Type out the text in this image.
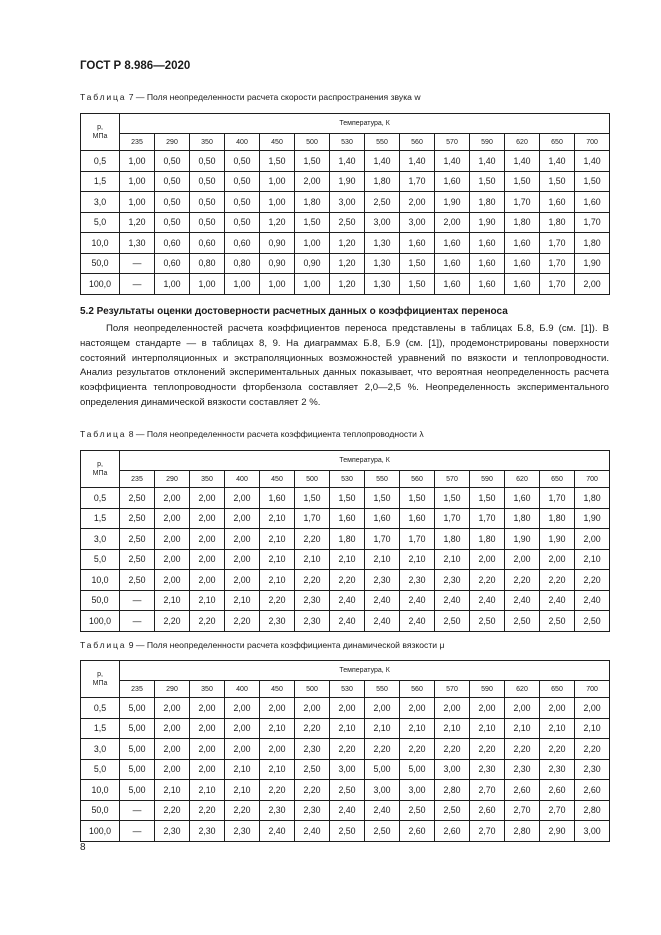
ГОСТ Р 8.986—2020
Таблица 7 — Поля неопределенности расчета скорости распространения звука w
р,
МПа	Температура, К													
	235	290	350	400	450	500	530	550	560	570	590	620	650	700
0,5	1,00	0,50	0,50	0,50	1,50	1,50	1,40	1,40	1,40	1,40	1,40	1,40	1,40	1,40
1,5	1,00	0,50	0,50	0,50	1,00	2,00	1,90	1,80	1,70	1,60	1,50	1,50	1,50	1,50
3,0	1,00	0,50	0,50	0,50	1,00	1,80	3,00	2,50	2,00	1,90	1,80	1,70	1,60	1,60
5,0	1,20	0,50	0,50	0,50	1,20	1,50	2,50	3,00	3,00	2,00	1,90	1,80	1,80	1,70
10,0	1,30	0,60	0,60	0,60	0,90	1,00	1,20	1,30	1,60	1,60	1,60	1,60	1,70	1,80
50,0	—	0,60	0,80	0,80	0,90	0,90	1,20	1,30	1,50	1,60	1,60	1,60	1,70	1,90
100,0	—	1,00	1,00	1,00	1,00	1,00	1,20	1,30	1,50	1,60	1,60	1,60	1,70	2,00
5.2 Результаты оценки достоверности расчетных данных о коэффициентах переноса
Поля неопределенностей расчета коэффициентов переноса представлены в таблицах Б.8, Б.9 (см. [1]). В настоящем стандарте — в таблицах 8, 9. На диаграммах Б.8, Б.9 (см. [1]), продемонстрированы поверхности состояний интерполяционных и экстраполяционных возможностей уравнений по вязкости и теплопроводности. Анализ результатов отклонений экспериментальных данных показывает, что вероятная неопределенность расчета коэффициента теплопроводности фторбензола составляет 2,0—2,5 %. Неопределенность экспериментального определения динамической вязкости составляет 2 %.
Таблица 8 — Поля неопределенности расчета коэффициента теплопроводности λ
р,
МПа	Температура, К													
	235	290	350	400	450	500	530	550	560	570	590	620	650	700
0,5	2,50	2,00	2,00	2,00	1,60	1,50	1,50	1,50	1,50	1,50	1,50	1,60	1,70	1,80
1,5	2,50	2,00	2,00	2,00	2,10	1,70	1,60	1,60	1,60	1,70	1,70	1,80	1,80	1,90
3,0	2,50	2,00	2,00	2,00	2,10	2,20	1,80	1,70	1,70	1,80	1,80	1,90	1,90	2,00
5,0	2,50	2,00	2,00	2,00	2,10	2,10	2,10	2,10	2,10	2,10	2,00	2,00	2,00	2,10
10,0	2,50	2,00	2,00	2,00	2,10	2,20	2,20	2,30	2,30	2,30	2,20	2,20	2,20	2,20
50,0	—	2,10	2,10	2,10	2,20	2,30	2,40	2,40	2,40	2,40	2,40	2,40	2,40	2,40
100,0	—	2,20	2,20	2,20	2,30	2,30	2,40	2,40	2,40	2,50	2,50	2,50	2,50	2,50
Таблица 9 — Поля неопределенности расчета коэффициента динамической вязкости μ
р,
МПа	Температура, К													
	235	290	350	400	450	500	530	550	560	570	590	620	650	700
0,5	5,00	2,00	2,00	2,00	2,00	2,00	2,00	2,00	2,00	2,00	2,00	2,00	2,00	2,00
1,5	5,00	2,00	2,00	2,00	2,10	2,20	2,10	2,10	2,10	2,10	2,10	2,10	2,10	2,10
3,0	5,00	2,00	2,00	2,00	2,00	2,30	2,20	2,20	2,20	2,20	2,20	2,20	2,20	2,20
5,0	5,00	2,00	2,00	2,10	2,10	2,50	3,00	5,00	5,00	3,00	2,30	2,30	2,30	2,30
10,0	5,00	2,10	2,10	2,10	2,20	2,20	2,50	3,00	3,00	2,80	2,70	2,60	2,60	2,60
50,0	—	2,20	2,20	2,20	2,30	2,30	2,40	2,40	2,50	2,50	2,60	2,70	2,70	2,80
100,0	—	2,30	2,30	2,30	2,40	2,40	2,50	2,50	2,60	2,60	2,70	2,80	2,90	3,00
8
